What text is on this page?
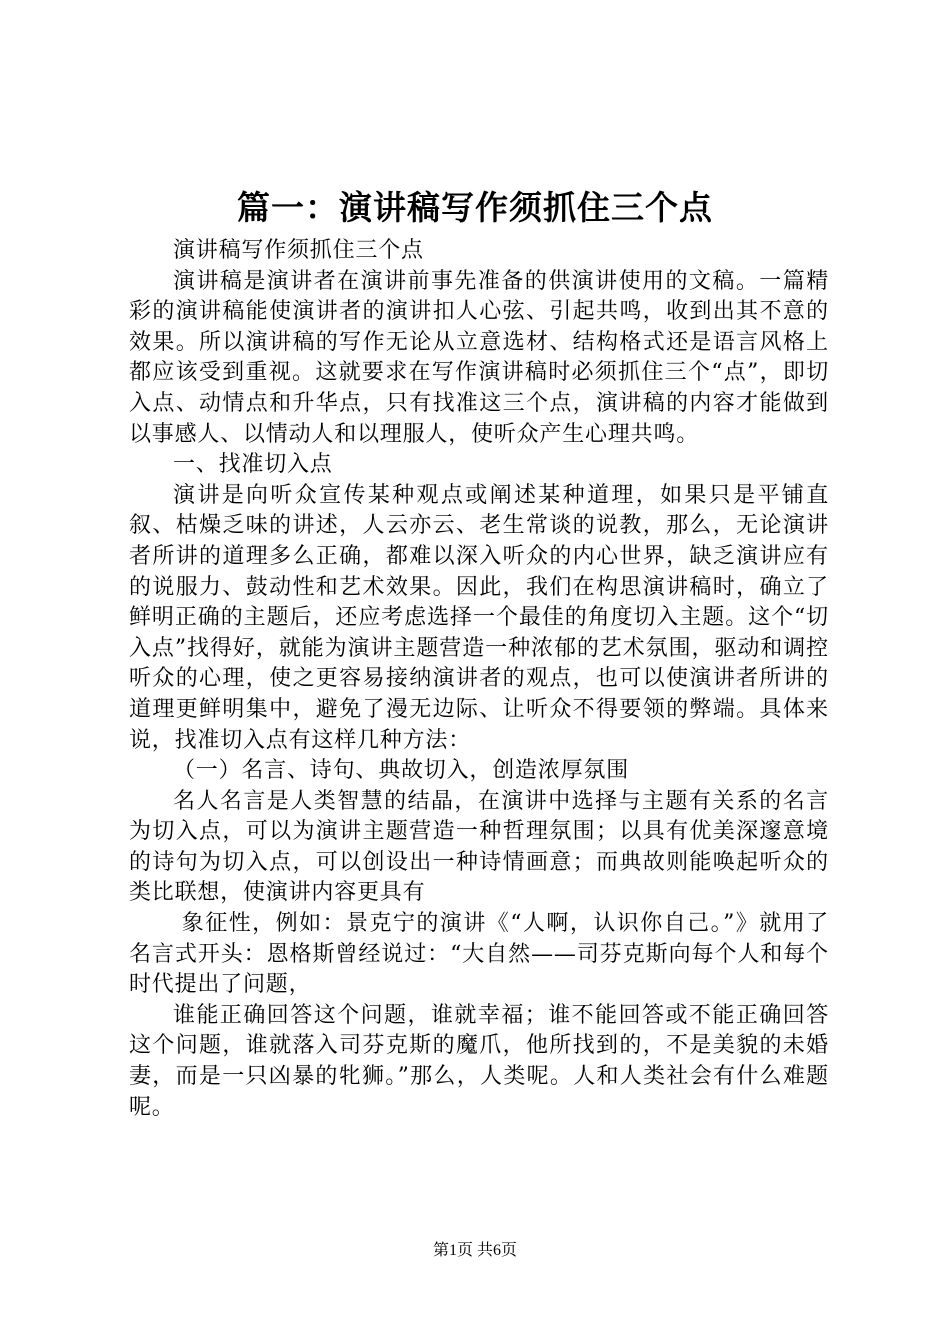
篇一：演讲稿写作须抓住三个点

演讲稿写作须抓住三个点

演讲稿是演讲者在演讲前事先准备的供演讲使用的文稿。一篇精彩的演讲稿能使演讲者的演讲扣人心弦、引起共鸣，收到出其不意的效果。所以演讲稿的写作无论从立意选材、结构格式还是语言风格上都应该受到重视。这就要求在写作演讲稿时必须抓住三个“点”，即切入点、动情点和升华点，只有找准这三个点，演讲稿的内容才能做到以事感人、以情动人和以理服人，使听众产生心理共鸣。

一、找准切入点

演讲是向听众宣传某种观点或阐述某种道理，如果只是平铺直叙、枯燥乏味的讲述，人云亦云、老生常谈的说教，那么，无论演讲者所讲的道理多么正确，都难以深入听众的内心世界，缺乏演讲应有的说服力、鼓动性和艺术效果。因此，我们在构思演讲稿时，确立了鲜明正确的主题后，还应考虑选择一个最佳的角度切入主题。这个“切入点”找得好，就能为演讲主题营造一种浓郁的艺术氛围，驱动和调控听众的心理，使之更容易接纳演讲者的观点，也可以使演讲者所讲的道理更鲜明集中，避免了漫无边际、让听众不得要领的弊端。具体来说，找准切入点有这样几种方法：

（一）名言、诗句、典故切入，创造浓厚氛围

名人名言是人类智慧的结晶，在演讲中选择与主题有关系的名言为切入点，可以为演讲主题营造一种哲理氛围；以具有优美深邃意境的诗句为切入点，可以创设出一种诗情画意；而典故则能唤起听众的类比联想，使演讲内容更具有

象征性，例如：景克宁的演讲《“人啊，认识你自己。”》就用了名言式开头：恩格斯曾经说过：“大自然——司芬克斯向每个人和每个时代提出了问题，

谁能正确回答这个问题，谁就幸福；谁不能回答或不能正确回答这个问题，谁就落入司芬克斯的魔爪，他所找到的，不是美貌的未婚妻，而是一只凶暴的牝狮。”那么，人类呢。人和人类社会有什么难题呢。

第1页 共6页
